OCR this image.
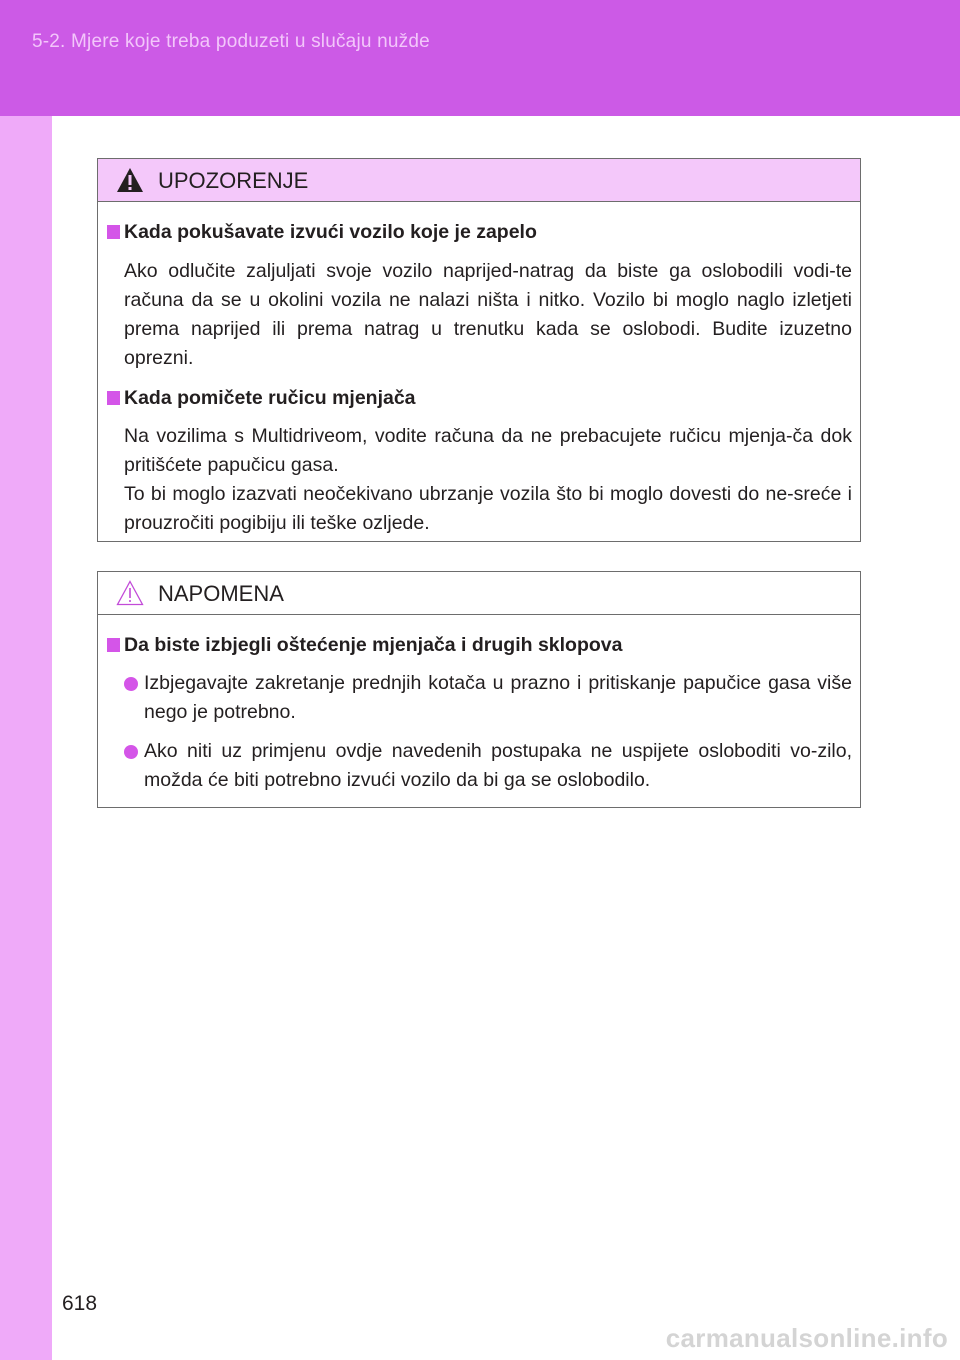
5-2. Mjere koje treba poduzeti u slučaju nužde
UPOZORENJE
Kada pokušavate izvući vozilo koje je zapelo

Ako odlučite zaljuljati svoje vozilo naprijed-natrag da biste ga oslobodili vodi-te računa da se u okolini vozila ne nalazi ništa i nitko. Vozilo bi moglo naglo izletjeti prema naprijed ili prema natrag u trenutku kada se oslobodi. Budite izuzetno oprezni.

Kada pomičete ručicu mjenjača

Na vozilima s Multidriveom, vodite računa da ne prebacujete ručicu mjenja-ča dok pritišćete papučicu gasa.
To bi moglo izazvati neočekivano ubrzanje vozila što bi moglo dovesti do ne-sreće i prouzročiti pogibiju ili teške ozljede.

NAPOMENA
Da biste izbjegli oštećenje mjenjača i drugih sklopova
Izbjegavajte zakretanje prednjih kotača u prazno i pritiskanje papučice gasa više nego je potrebno.
Ako niti uz primjenu ovdje navedenih postupaka ne uspijete osloboditi vo-zilo, možda će biti potrebno izvući vozilo da bi ga se oslobodilo.
618
carmanualsonline.info
